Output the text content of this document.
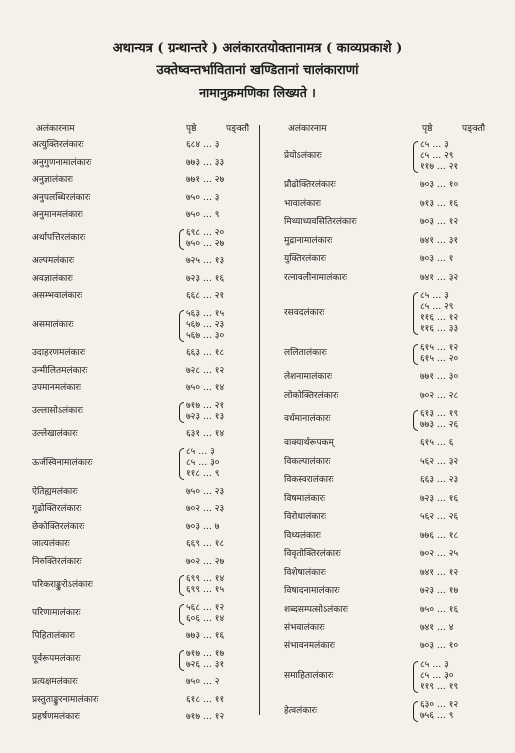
अथान्यत्र ( ग्रन्थान्तरे ) अलंकारतयोक्तानामत्र ( काव्यप्रकाशे )
उक्तेष्वन्तर्भावितानां खण्डितानां चालंकाराणां
नामानुक्रमणिका लिख्यते ।
अलंकारनाम	पृष्ठे	पङ्क्तौ
अत्युक्तिरलंकारः	६८४ … ३
अनुगुणनामालंकारः	७७३ … ३३
अनुज्ञालंकारः	७७१ … २७
अनुपलब्धिरलंकारः	७५० … ३
अनुमानमलंकारः	७५० … ९
अर्थापत्तिरलंकारः
६९८ … २०
७५० … २७
अल्पमलंकारः	७२५ … १३
अवज्ञालंकारः	७२३ … १६
असम्भवालंकारः	६६८ … २१
असमालंकारः
५६३ … १५
५६७ … २३
५६७ … ३०
उदाहरणमलंकारः	६६३ … १८
उन्मीलितमलंकारः	७२८ … १२
उपमानमलंकारः	७५० … १४
उल्लासोऽलंकारः
७१७ … २१
७२३ … १३
उल्लेखालंकारः	६३१ … १४
ऊर्जस्विनामालंकारः
८५ … ३
८५ … ३०
११८ … ९
ऐतिह्यमलंकारः	७५० … २३
गूढोक्तिरलंकारः	७०२ … २३
छेकोक्तिरलंकारः	७०३ … ७
जात्यलंकारः	६६९ … १८
निरुक्तिरलंकारः	७०२ … २७
परिकराङ्कुरोऽलंकारः
६९९ … १४
६९९ … १५
परिणामालंकारः
५६८ … १२
६०६ … १४
पिहितालंकारः	७७३ … १६
पूर्वरूपमलंकारः
७१७ … १७
७२६ … ३१
प्रत्यक्षमलंकारः	७५० … २
प्रस्तुताङ्कुरनामालंकारः	६१८ … ११
प्रहर्षणमलंकारः	७१७ … १२
अलंकारनाम	पृष्ठे	पङ्क्तौ
प्रेयोऽलंकारः
८५ … ३
८५ … २९
११७ … २१
प्रौढोक्तिरलंकारः	७०३ … १०
भावालंकारः	७१३ … १६
मिथ्याध्यवसितिरलंकारः	७०३ … १२
मुद्रानामालंकारः	७४१ … ३१
युक्तिरलंकारः	७०३ … १
रत्नावलीनामालंकारः	७४१ … ३२
रसवदलंकारः
८५ … ३
८५ … २९
११६ … १२
११६ … ३३
ललितालंकारः
६१५ … १२
६१५ … २०
लेशनामालंकारः	७७१ … ३०
लोकोक्तिरलंकारः	७०२ … २८
वर्धमानालंकारः
६१३ … १९
७७३ … २६
वाक्यार्थरूपकम्	६१५ … ६
विकल्पालंकारः	५६२ … ३२
विकस्वरालंकारः	६६३ … २३
विषमालंकारः	७२३ … १६
विरोधालंकारः	५६२ … २६
विध्यलंकारः	७७६ … १८
विवृतोक्तिरलंकारः	७०२ … २५
विशेषालंकारः	७४१ … १२
विषादनामालंकारः	७२३ … १७
शब्दसम्पत्सोऽलंकारः	७५० … १६
संभवालंकारः	७४१ … ४
संभावनमलंकारः	७०३ … १०
समाहितालंकारः
८५ … ३
८५ … ३०
११९ … १९
हेत्वलंकारः
६३० … १२
७५६ … ९
